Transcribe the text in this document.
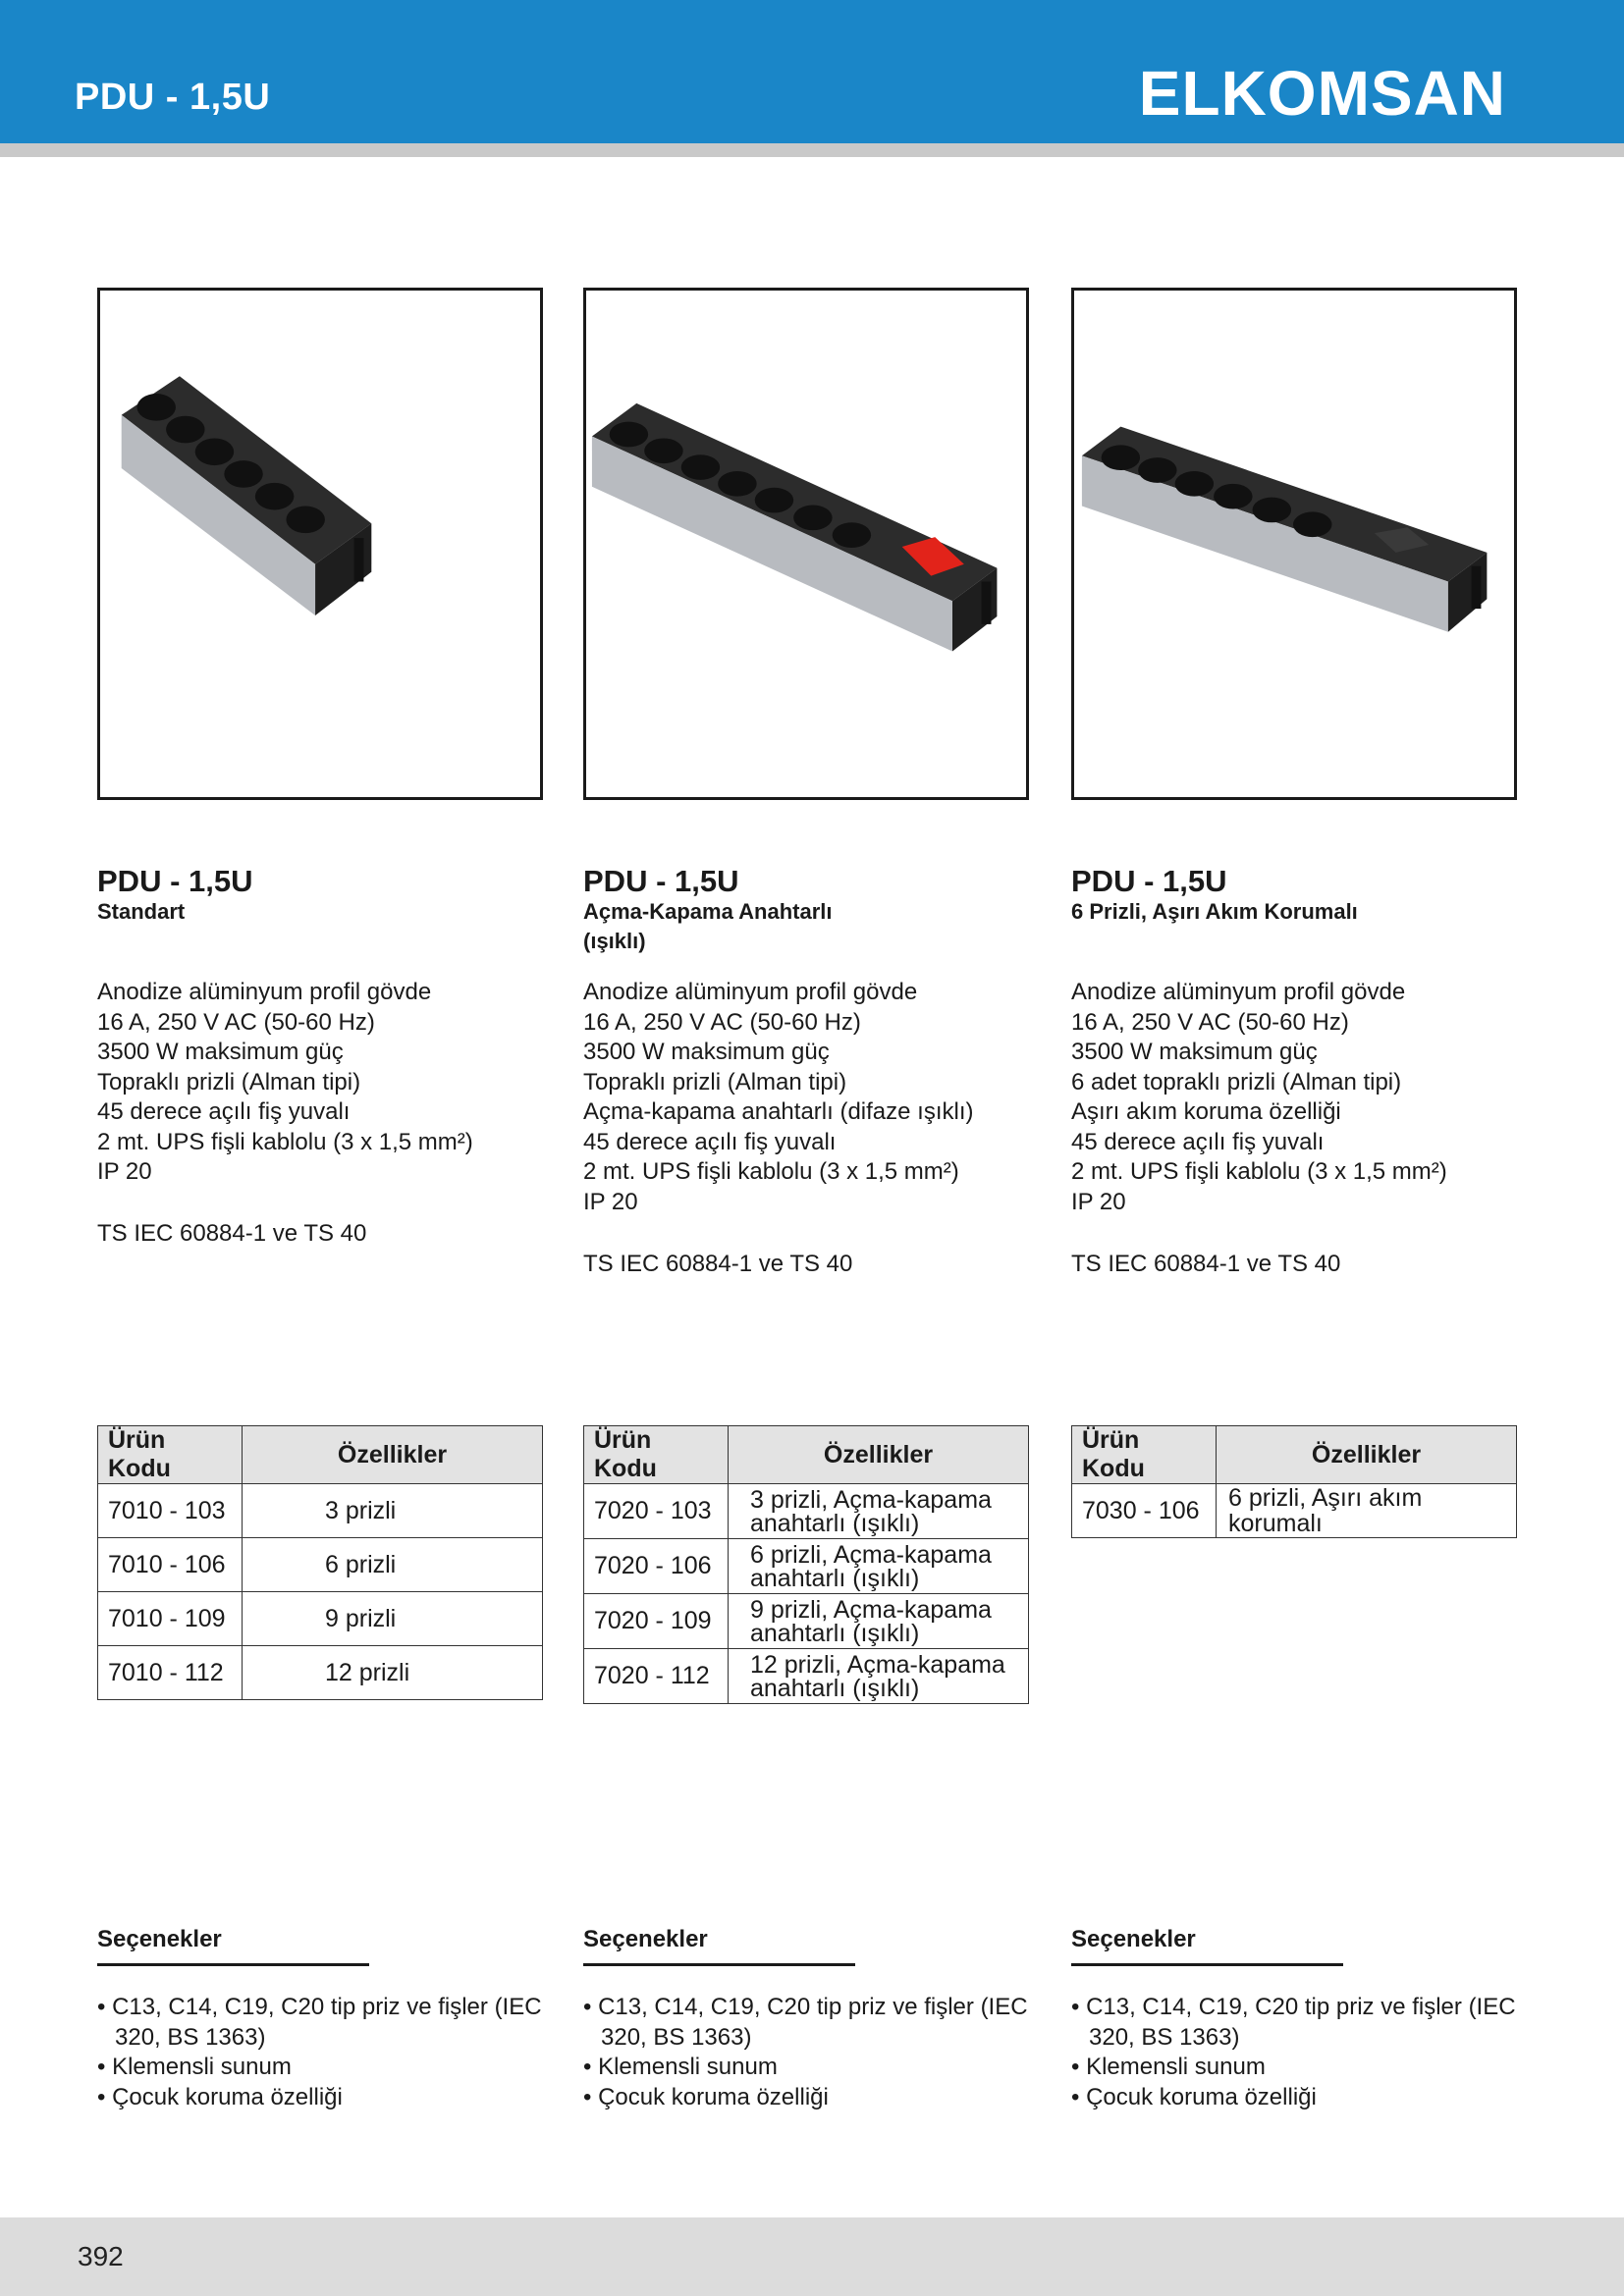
PDU - 1,5U	ELKOMSAN
PDU - 1,5U
Standart
Anodize alüminyum profil gövde
16 A, 250 V AC (50-60 Hz)
3500 W maksimum güç
Topraklı prizli (Alman tipi)
45 derece açılı fiş yuvalı
2 mt. UPS fişli kablolu (3 x 1,5 mm²)
IP 20
TS IEC 60884-1 ve TS 40
Ürün Kodu	Özellikler
7010 - 103	3 prizli
7010 - 106	6 prizli
7010 - 109	9 prizli
7010 - 112	12 prizli
Seçenekler
• C13, C14, C19, C20 tip priz ve fişler (IEC 320, BS 1363)
• Klemensli sunum
• Çocuk koruma özelliği
PDU - 1,5U
Açma-Kapama Anahtarlı (ışıklı)
Anodize alüminyum profil gövde
16 A, 250 V AC (50-60 Hz)
3500 W maksimum güç
Topraklı prizli (Alman tipi)
Açma-kapama anahtarlı (difaze ışıklı)
45 derece açılı fiş yuvalı
2 mt. UPS fişli kablolu (3 x 1,5 mm²)
IP 20
TS IEC 60884-1 ve TS 40
Ürün Kodu	Özellikler
7020 - 103	3 prizli, Açma-kapama anahtarlı (ışıklı)
7020 - 106	6 prizli, Açma-kapama anahtarlı (ışıklı)
7020 - 109	9 prizli, Açma-kapama anahtarlı (ışıklı)
7020 - 112	12 prizli, Açma-kapama anahtarlı (ışıklı)
Seçenekler
• C13, C14, C19, C20 tip priz ve fişler (IEC 320, BS 1363)
• Klemensli sunum
• Çocuk koruma özelliği
PDU - 1,5U
6 Prizli, Aşırı Akım Korumalı
Anodize alüminyum profil gövde
16 A, 250 V AC (50-60 Hz)
3500 W maksimum güç
6 adet topraklı prizli (Alman tipi)
Aşırı akım koruma özelliği
45 derece açılı fiş yuvalı
2 mt. UPS fişli kablolu (3 x 1,5 mm²)
IP 20
TS IEC 60884-1 ve TS 40
Ürün Kodu	Özellikler
7030 - 106	6 prizli, Aşırı akım korumalı
Seçenekler
• C13, C14, C19, C20 tip priz ve fişler (IEC 320, BS 1363)
• Klemensli sunum
• Çocuk koruma özelliği
392
